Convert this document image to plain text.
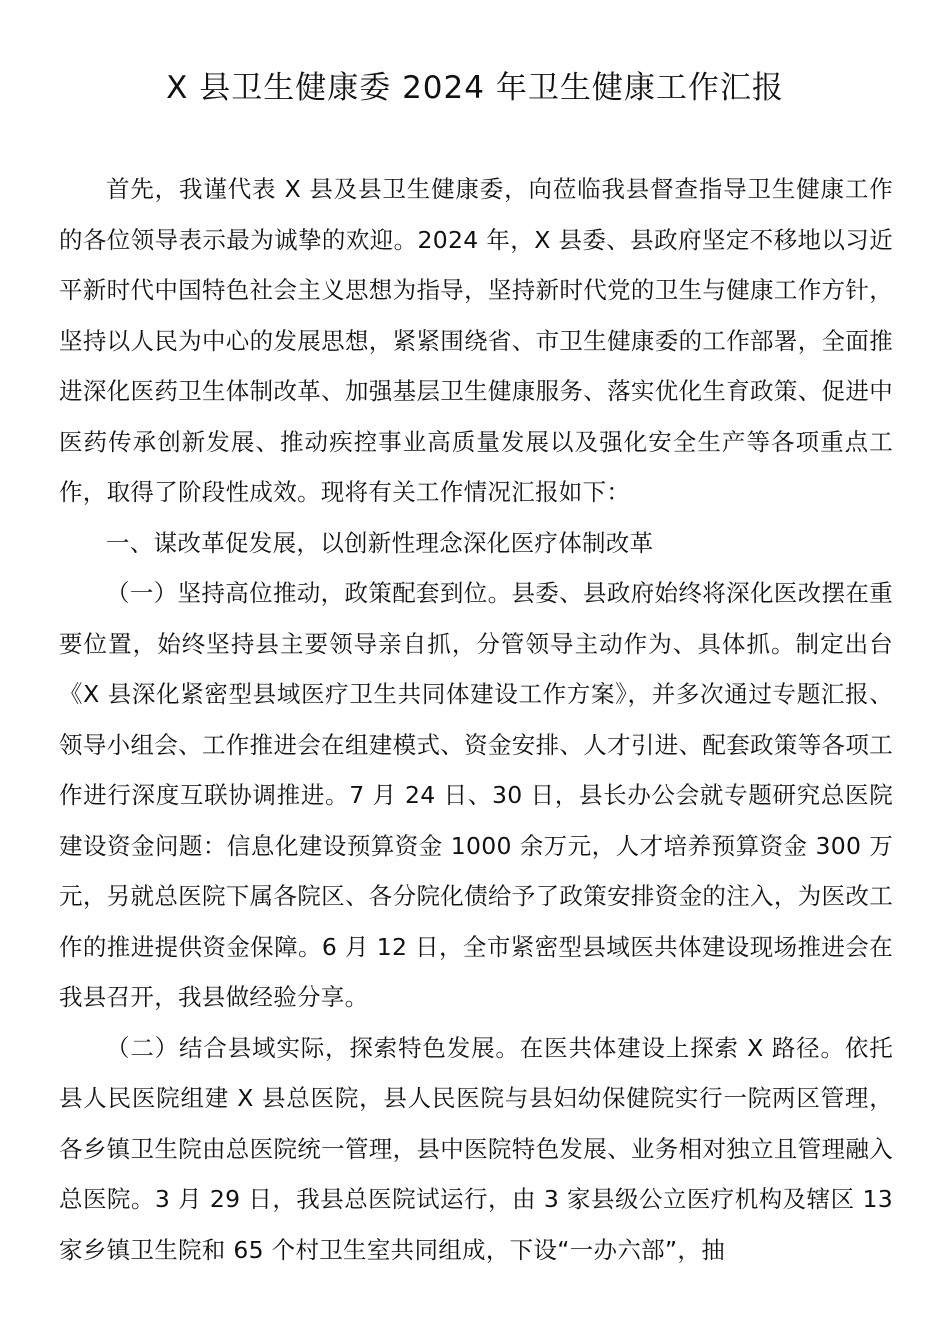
X 县卫生健康委 2024 年卫生健康工作汇报

首先，我谨代表 X 县及县卫生健康委，向莅临我县督查指导卫生健康工作的各位领导表示最为诚挚的欢迎。2024 年，X 县委、县政府坚定不移地以习近平新时代中国特色社会主义思想为指导，坚持新时代党的卫生与健康工作方针，坚持以人民为中心的发展思想，紧紧围绕省、市卫生健康委的工作部署，全面推进深化医药卫生体制改革、加强基层卫生健康服务、落实优化生育政策、促进中医药传承创新发展、推动疾控事业高质量发展以及强化安全生产等各项重点工作，取得了阶段性成效。现将有关工作情况汇报如下：

一、谋改革促发展，以创新性理念深化医疗体制改革

（一）坚持高位推动，政策配套到位。县委、县政府始终将深化医改摆在重要位置，始终坚持县主要领导亲自抓，分管领导主动作为、具体抓。制定出台《X 县深化紧密型县域医疗卫生共同体建设工作方案》，并多次通过专题汇报、领导小组会、工作推进会在组建模式、资金安排、人才引进、配套政策等各项工作进行深度互联协调推进。7 月 24 日、30 日，县长办公会就专题研究总医院建设资金问题：信息化建设预算资金 1000 余万元，人才培养预算资金 300 万元，另就总医院下属各院区、各分院化债给予了政策安排资金的注入，为医改工作的推进提供资金保障。6 月 12 日，全市紧密型县域医共体建设现场推进会在我县召开，我县做经验分享。

（二）结合县域实际，探索特色发展。在医共体建设上探索 X 路径。依托县人民医院组建 X 县总医院，县人民医院与县妇幼保健院实行一院两区管理，各乡镇卫生院由总医院统一管理，县中医院特色发展、业务相对独立且管理融入总医院。3 月 29 日，我县总医院试运行，由 3 家县级公立医疗机构及辖区 13 家乡镇卫生院和 65 个村卫生室共同组成，下设“一办六部”，抽
